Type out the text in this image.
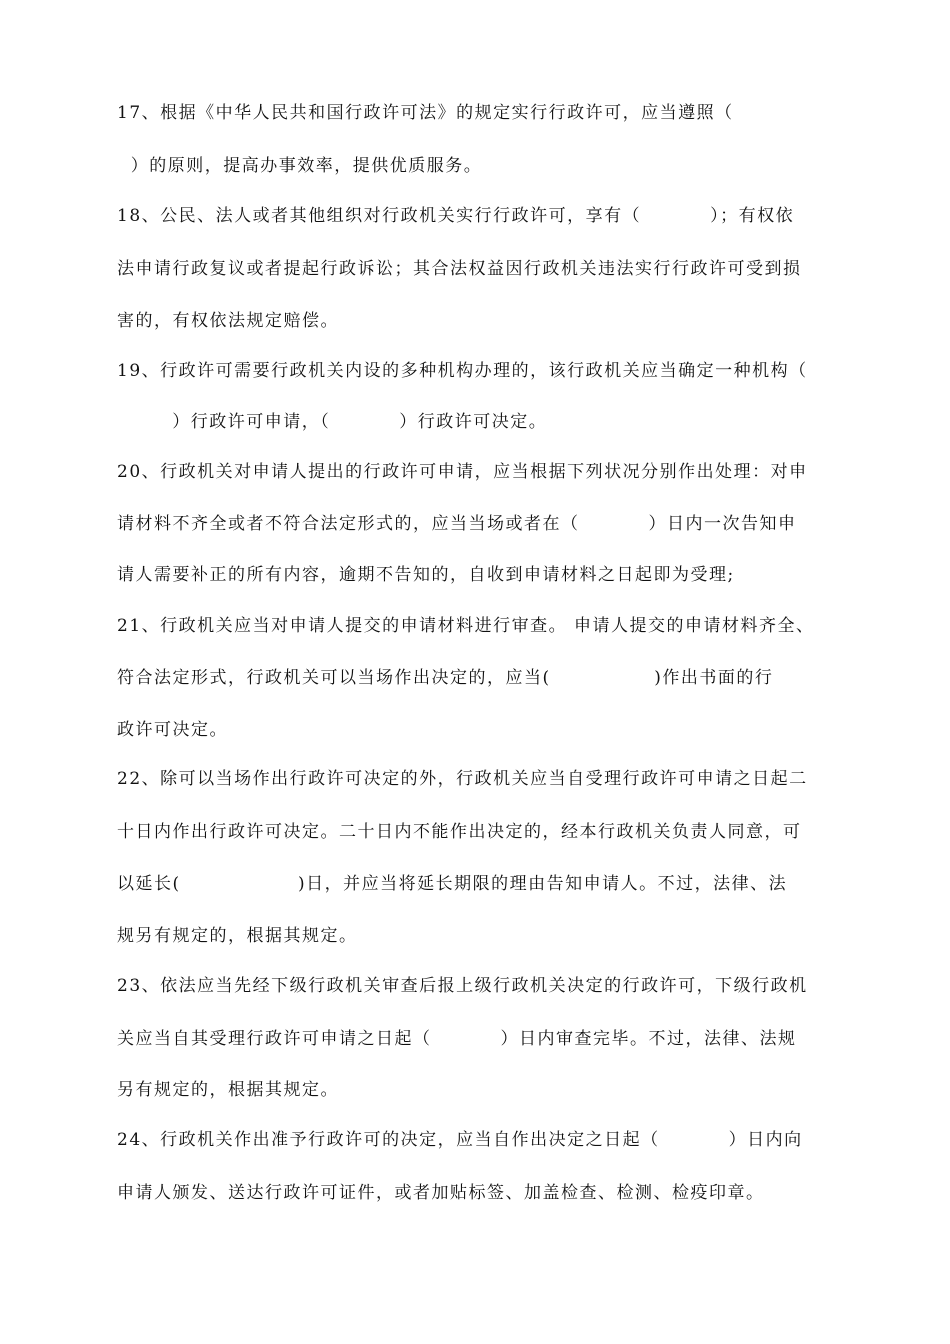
17、根据《中华人民共和国行政许可法》的规定实行行政许可，应当遵照（
）的原则，提高办事效率，提供优质服务。
18、公民、法人或者其他组织对行政机关实行行政许可，享有（          ）；有权依
法申请行政复议或者提起行政诉讼；其合法权益因行政机关违法实行行政许可受到损
害的，有权依法规定赔偿。
19、行政许可需要行政机关内设的多种机构办理的，该行政机关应当确定一种机构（
）行政许可申请，（          ）行政许可决定。
20、行政机关对申请人提出的行政许可申请，应当根据下列状况分别作出处理：对申
请材料不齐全或者不符合法定形式的，应当当场或者在（          ）日内一次告知申
请人需要补正的所有内容，逾期不告知的，自收到申请材料之日起即为受理;
21、行政机关应当对申请人提交的申请材料进行审查。 申请人提交的申请材料齐全、
符合法定形式，行政机关可以当场作出决定的，应当(               )作出书面的行
政许可决定。
22、除可以当场作出行政许可决定的外，行政机关应当自受理行政许可申请之日起二
十日内作出行政许可决定。二十日内不能作出决定的，经本行政机关负责人同意，可
以延长(                 )日，并应当将延长期限的理由告知申请人。不过，法律、法
规另有规定的，根据其规定。
23、依法应当先经下级行政机关审查后报上级行政机关决定的行政许可，下级行政机
关应当自其受理行政许可申请之日起（          ）日内审查完毕。不过，法律、法规
另有规定的，根据其规定。
24、行政机关作出准予行政许可的决定，应当自作出决定之日起（          ）日内向
申请人颁发、送达行政许可证件，或者加贴标签、加盖检查、检测、检疫印章。
